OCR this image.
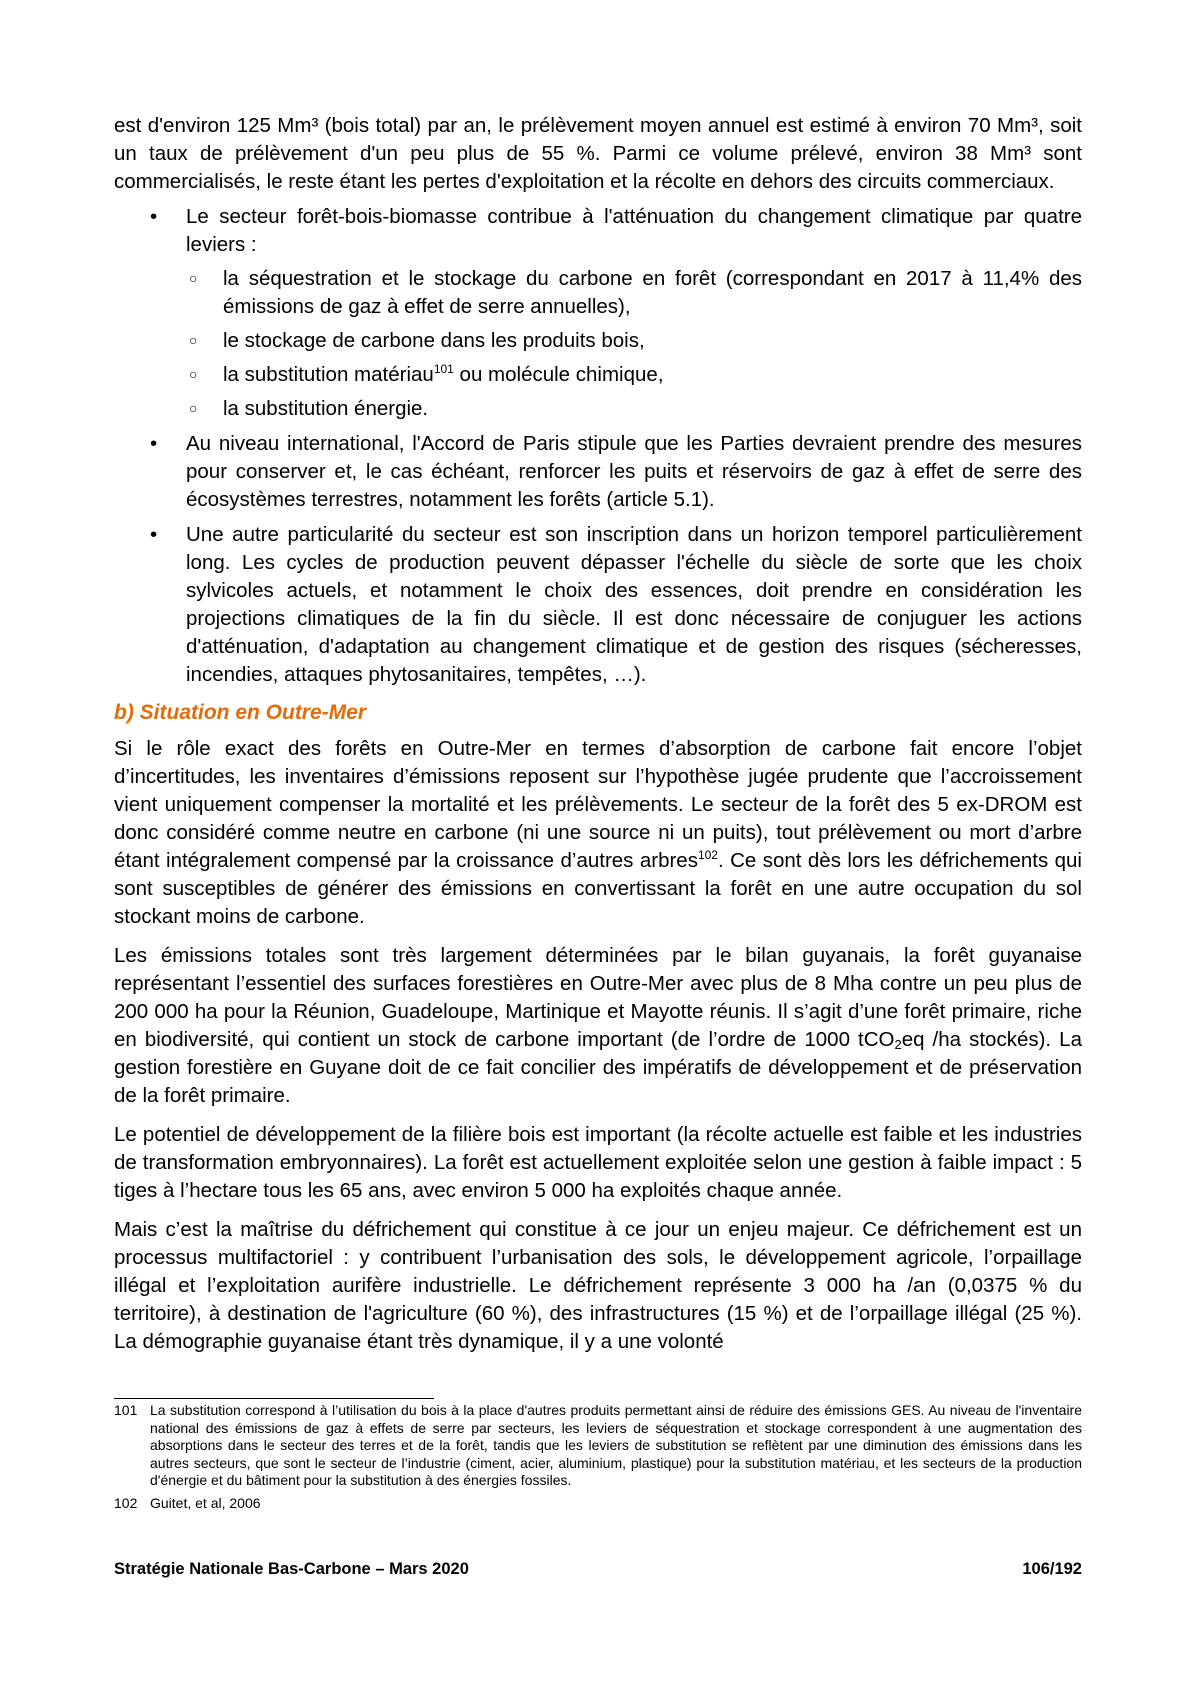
est d'environ 125 Mm³ (bois total) par an, le prélèvement moyen annuel est estimé à environ 70 Mm³, soit un taux de prélèvement d'un peu plus de 55 %. Parmi ce volume prélevé, environ 38 Mm³ sont commercialisés, le reste étant les pertes d'exploitation et la récolte en dehors des circuits commerciaux.

• Le secteur forêt-bois-biomasse contribue à l'atténuation du changement climatique par quatre leviers :

○ la séquestration et le stockage du carbone en forêt (correspondant en 2017 à 11,4% des émissions de gaz à effet de serre annuelles),

○ le stockage de carbone dans les produits bois,

○ la substitution matériau$^{101}$ ou molécule chimique,

○ la substitution énergie.

• Au niveau international, l'Accord de Paris stipule que les Parties devraient prendre des mesures pour conserver et, le cas échéant, renforcer les puits et réservoirs de gaz à effet de serre des écosystèmes terrestres, notamment les forêts (article 5.1).

• Une autre particularité du secteur est son inscription dans un horizon temporel particulièrement long. Les cycles de production peuvent dépasser l'échelle du siècle de sorte que les choix sylvicoles actuels, et notamment le choix des essences, doit prendre en considération les projections climatiques de la fin du siècle. Il est donc nécessaire de conjuguer les actions d'atténuation, d'adaptation au changement climatique et de gestion des risques (sécheresses, incendies, attaques phytosanitaires, tempêtes, …).

b) Situation en Outre-Mer

Si le rôle exact des forêts en Outre-Mer en termes d’absorption de carbone fait encore l’objet d’incertitudes, les inventaires d’émissions reposent sur l’hypothèse jugée prudente que l’accroissement vient uniquement compenser la mortalité et les prélèvements. Le secteur de la forêt des 5 ex-DROM est donc considéré comme neutre en carbone (ni une source ni un puits), tout prélèvement ou mort d’arbre étant intégralement compensé par la croissance d’autres arbres$^{102}$. Ce sont dès lors les défrichements qui sont susceptibles de générer des émissions en convertissant la forêt en une autre occupation du sol stockant moins de carbone.

Les émissions totales sont très largement déterminées par le bilan guyanais, la forêt guyanaise représentant l’essentiel des surfaces forestières en Outre-Mer avec plus de 8 Mha contre un peu plus de 200 000 ha pour la Réunion, Guadeloupe, Martinique et Mayotte réunis. Il s’agit d’une forêt primaire, riche en biodiversité, qui contient un stock de carbone important (de l’ordre de 1000 tCO$_2$eq /ha stockés). La gestion forestière en Guyane doit de ce fait concilier des impératifs de développement et de préservation de la forêt primaire.

Le potentiel de développement de la filière bois est important (la récolte actuelle est faible et les industries de transformation embryonnaires). La forêt est actuellement exploitée selon une gestion à faible impact : 5 tiges à l’hectare tous les 65 ans, avec environ 5 000 ha exploités chaque année.

Mais c’est la maîtrise du défrichement qui constitue à ce jour un enjeu majeur. Ce défrichement est un processus multifactoriel : y contribuent l’urbanisation des sols, le développement agricole, l’orpaillage illégal et l’exploitation aurifère industrielle. Le défrichement représente 3 000 ha /an (0,0375 % du territoire), à destination de l'agriculture (60 %), des infrastructures (15 %) et de l’orpaillage illégal (25 %). La démographie guyanaise étant très dynamique, il y a une volonté

101 La substitution correspond à l’utilisation du bois à la place d'autres produits permettant ainsi de réduire des émissions GES. Au niveau de l'inventaire national des émissions de gaz à effets de serre par secteurs, les leviers de séquestration et stockage correspondent à une augmentation des absorptions dans le secteur des terres et de la forêt, tandis que les leviers de substitution se reflètent par une diminution des émissions dans les autres secteurs, que sont le secteur de l’industrie (ciment, acier, aluminium, plastique) pour la substitution matériau, et les secteurs de la production d'énergie et du bâtiment pour la substitution à des énergies fossiles.
102 Guitet, et al, 2006
Stratégie Nationale Bas-Carbone – Mars 2020	106/192
